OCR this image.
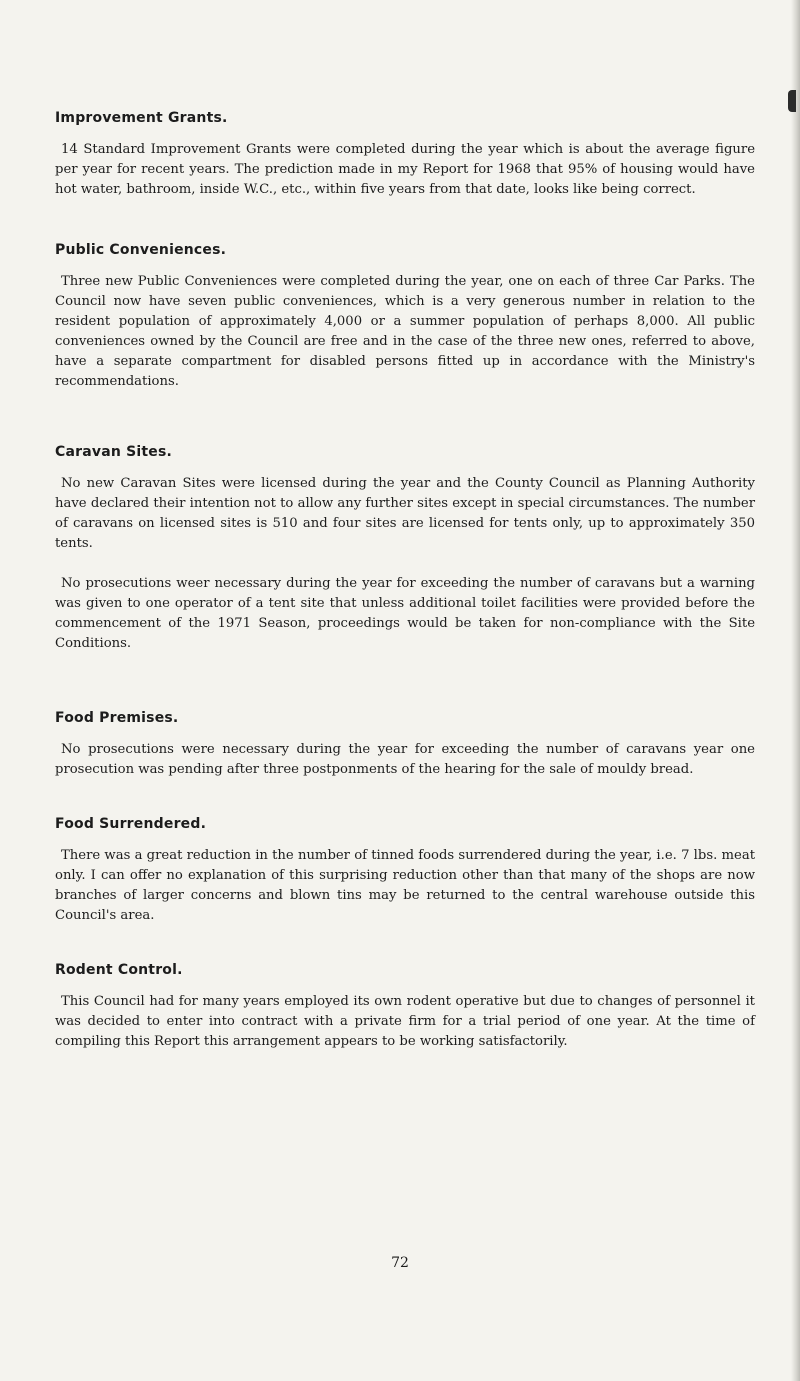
Improvement Grants.

14 Standard Improvement Grants were completed during the year which is about the average figure per year for recent years. The prediction made in my Report for 1968 that 95% of housing would have hot water, bathroom, inside W.C., etc., within five years from that date, looks like being correct.

Public Conveniences.

Three new Public Conveniences were completed during the year, one on each of three Car Parks. The Council now have seven public conveniences, which is a very generous number in relation to the resident population of approximately 4,000 or a summer population of perhaps 8,000. All public conveniences owned by the Council are free and in the case of the three new ones, referred to above, have a separate compartment for disabled persons fitted up in accordance with the Ministry's recommendations.

Caravan Sites.

No new Caravan Sites were licensed during the year and the County Council as Planning Authority have declared their intention not to allow any further sites except in special circumstances. The number of caravans on licensed sites is 510 and four sites are licensed for tents only, up to approximately 350 tents.

No prosecutions weer necessary during the year for exceeding the number of caravans but a warning was given to one operator of a tent site that unless additional toilet facilities were provided before the commencement of the 1971 Season, proceedings would be taken for non-compliance with the Site Conditions.

Food Premises.

No prosecutions were necessary during the year for exceeding the number of caravans year one prosecution was pending after three postponments of the hearing for the sale of mouldy bread.

Food Surrendered.

There was a great reduction in the number of tinned foods surrendered during the year, i.e. 7 lbs. meat only. I can offer no explanation of this surprising reduction other than that many of the shops are now branches of larger concerns and blown tins may be returned to the central warehouse outside this Council's area.

Rodent Control.

This Council had for many years employed its own rodent operative but due to changes of personnel it was decided to enter into contract with a private firm for a trial period of one year. At the time of compiling this Report this arrangement appears to be working satisfactorily.

72
